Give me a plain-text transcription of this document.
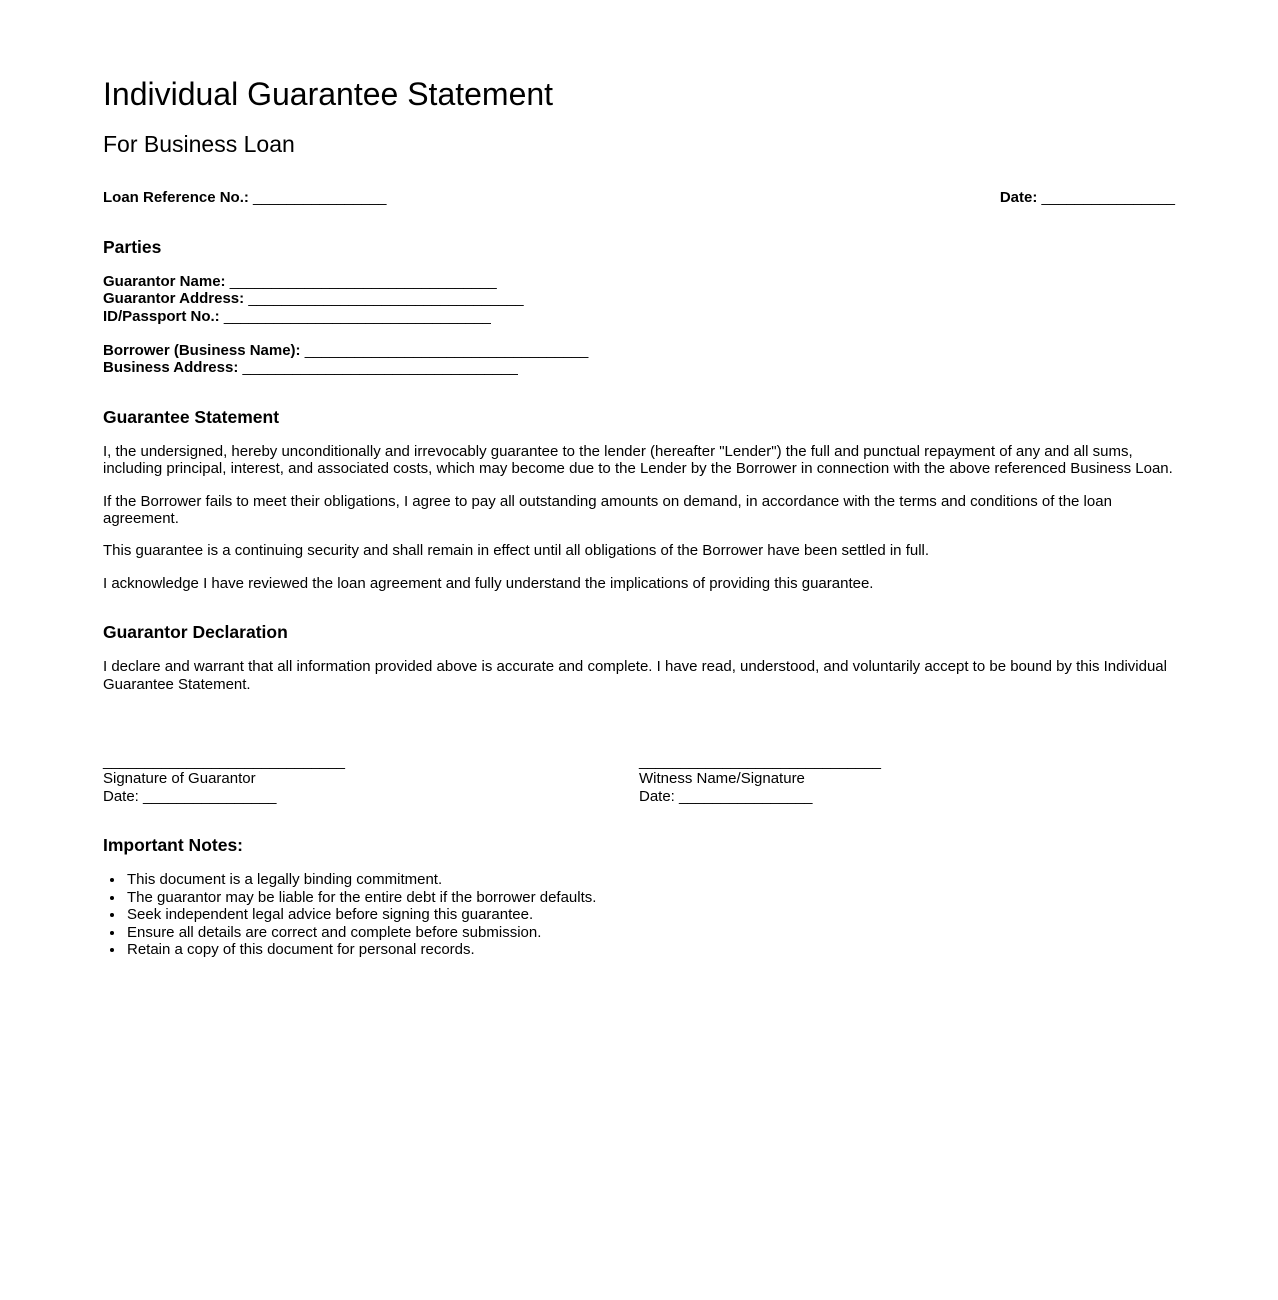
Individual Guarantee Statement
For Business Loan
Loan Reference No.: ________________	Date: ________________
Parties
Guarantor Name: ________________________________
Guarantor Address: _________________________________
ID/Passport No.: ________________________________
Borrower (Business Name): __________________________________
Business Address: _________________________________
Guarantee Statement

I, the undersigned, hereby unconditionally and irrevocably guarantee to the lender (hereafter "Lender") the full and punctual repayment of any and all sums, including principal, interest, and associated costs, which may become due to the Lender by the Borrower in connection with the above referenced Business Loan.

If the Borrower fails to meet their obligations, I agree to pay all outstanding amounts on demand, in accordance with the terms and conditions of the loan agreement.

This guarantee is a continuing security and shall remain in effect until all obligations of the Borrower have been settled in full.

I acknowledge I have reviewed the loan agreement and fully understand the implications of providing this guarantee.

Guarantor Declaration

I declare and warrant that all information provided above is accurate and complete. I have read, understood, and voluntarily accept to be bound by this Individual Guarantee Statement.

_____________________________
Signature of Guarantor
Date: ________________
_____________________________
Witness Name/Signature
Date: ________________
Important Notes:
• This document is a legally binding commitment.
• The guarantor may be liable for the entire debt if the borrower defaults.
• Seek independent legal advice before signing this guarantee.
• Ensure all details are correct and complete before submission.
• Retain a copy of this document for personal records.
